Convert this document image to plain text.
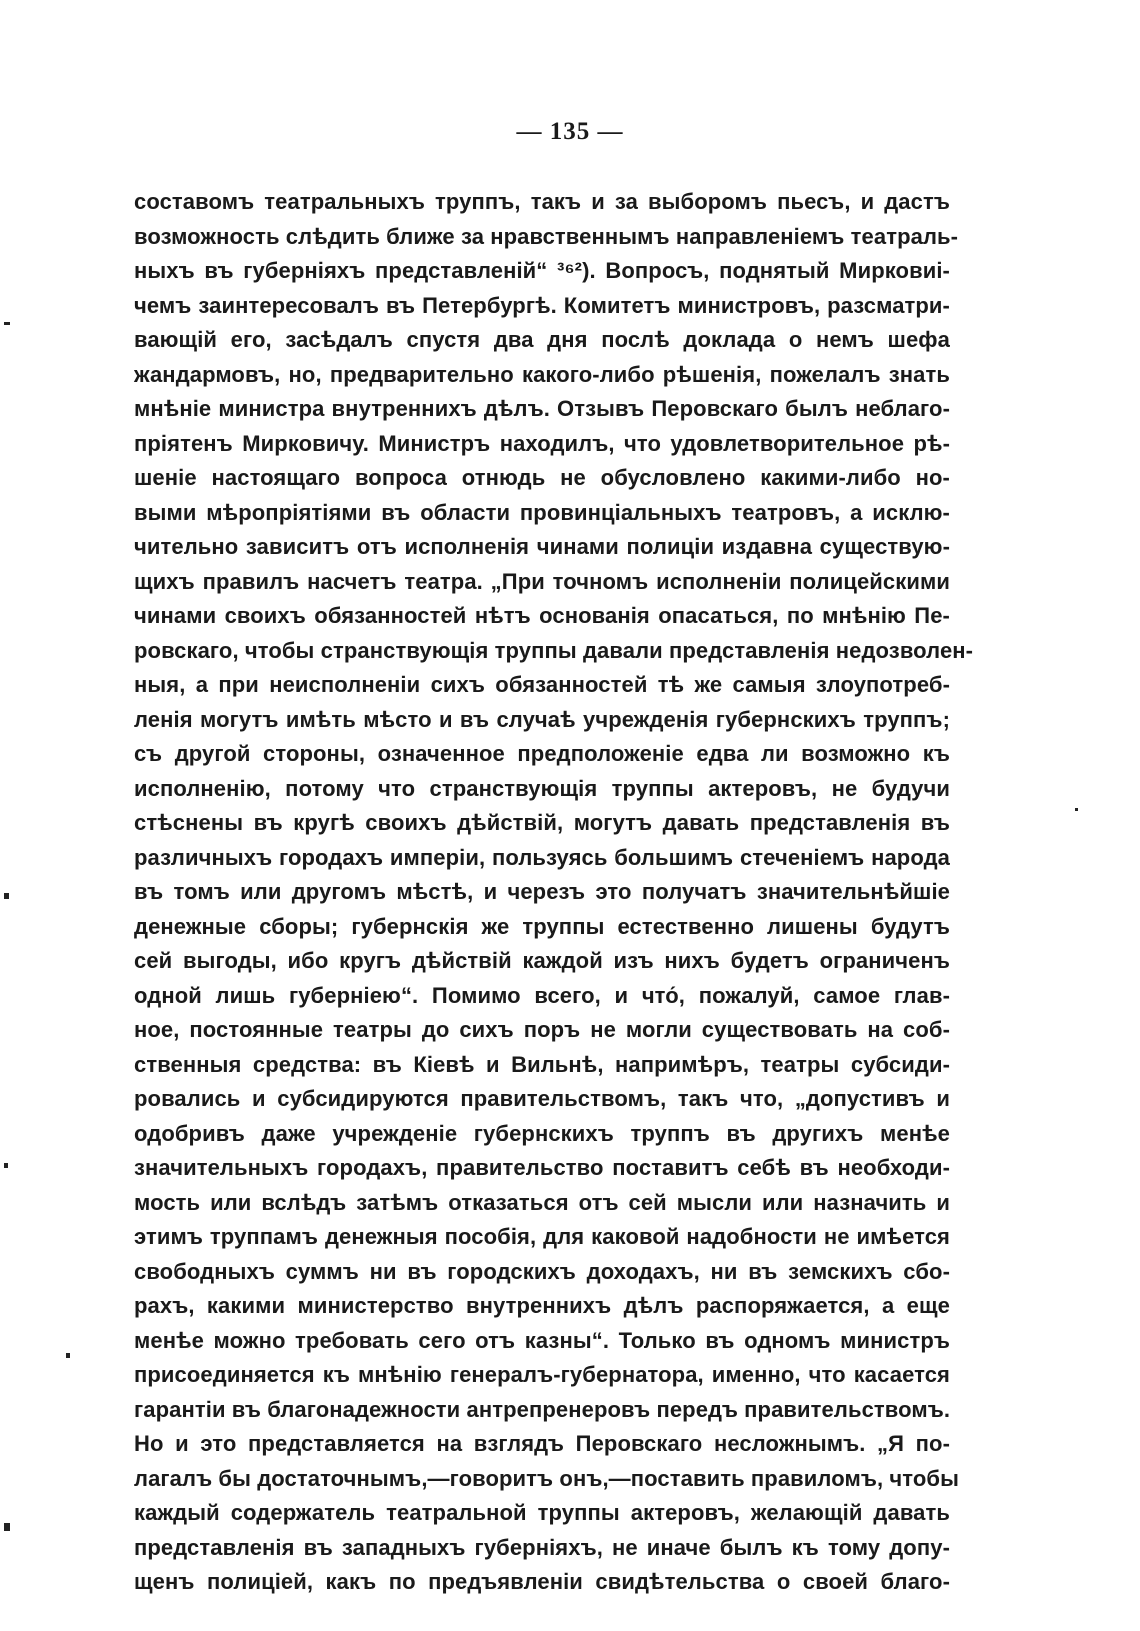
— 135 —
составомъ театральныхъ труппъ, такъ и за выборомъ пьесъ, и дастъ
возможность слѣдить ближе за нравственнымъ направленіемъ театраль-
ныхъ въ губерніяхъ представленій“ ³⁶²). Вопросъ, поднятый Мирковиі-
чемъ заинтересовалъ въ Петербургѣ. Комитетъ министровъ, разсматри-
вающій его, засѣдалъ спустя два дня послѣ доклада о немъ шефа
жандармовъ, но, предварительно какого-либо рѣшенія, пожелалъ знать
мнѣніе министра внутреннихъ дѣлъ. Отзывъ Перовскаго былъ неблаго-
пріятенъ Мирковичу. Министръ находилъ, что удовлетворительное рѣ-
шеніе настоящаго вопроса отнюдь не обусловлено какими-либо но-
выми мѣропріятіями въ области провинціальныхъ театровъ, а исклю-
чительно зависитъ отъ исполненія чинами полиціи издавна существую-
щихъ правилъ насчетъ театра. „При точномъ исполненіи полицейскими
чинами своихъ обязанностей нѣтъ основанія опасаться, по мнѣнію Пе-
ровскаго, чтобы странствующія труппы давали представленія недозволен-
ныя, а при неисполненіи сихъ обязанностей тѣ же самыя злоупотреб-
ленія могутъ имѣть мѣсто и въ случаѣ учрежденія губернскихъ труппъ;
съ другой стороны, означенное предположеніе едва ли возможно къ
исполненію, потому что странствующія труппы актеровъ, не будучи
стѣснены въ кругѣ своихъ дѣйствій, могутъ давать представленія въ
различныхъ городахъ имперіи, пользуясь большимъ стеченіемъ народа
въ томъ или другомъ мѣстѣ, и черезъ это получатъ значительнѣйшіе
денежные сборы; губернскія же труппы естественно лишены будутъ
сей выгоды, ибо кругъ дѣйствій каждой изъ нихъ будетъ ограниченъ
одной лишь губерніею“. Помимо всего, и что́, пожалуй, самое глав-
ное, постоянные театры до сихъ поръ не могли существовать на соб-
ственныя средства: въ Кіевѣ и Вильнѣ, напримѣръ, театры субсиди-
ровались и субсидируются правительствомъ, такъ что, „допустивъ и
одобривъ даже учрежденіе губернскихъ труппъ въ другихъ менѣе
значительныхъ городахъ, правительство поставитъ себѣ въ необходи-
мость или вслѣдъ затѣмъ отказаться отъ сей мысли или назначить и
этимъ труппамъ денежныя пособія, для каковой надобности не имѣется
свободныхъ суммъ ни въ городскихъ доходахъ, ни въ земскихъ сбо-
рахъ, какими министерство внутреннихъ дѣлъ распоряжается, а еще
менѣе можно требовать сего отъ казны“. Только въ одномъ министръ
присоединяется къ мнѣнію генералъ-губернатора, именно, что касается
гарантіи въ благонадежности антрепренеровъ передъ правительствомъ.
Но и это представляется на взглядъ Перовскаго несложнымъ. „Я по-
лагалъ бы достаточнымъ,—говоритъ онъ,—поставить правиломъ, чтобы
каждый содержатель театральной труппы актеровъ, желающій давать
представленія въ западныхъ губерніяхъ, не иначе былъ къ тому допу-
щенъ полиціей, какъ по предъявленіи свидѣтельства о своей благо-
